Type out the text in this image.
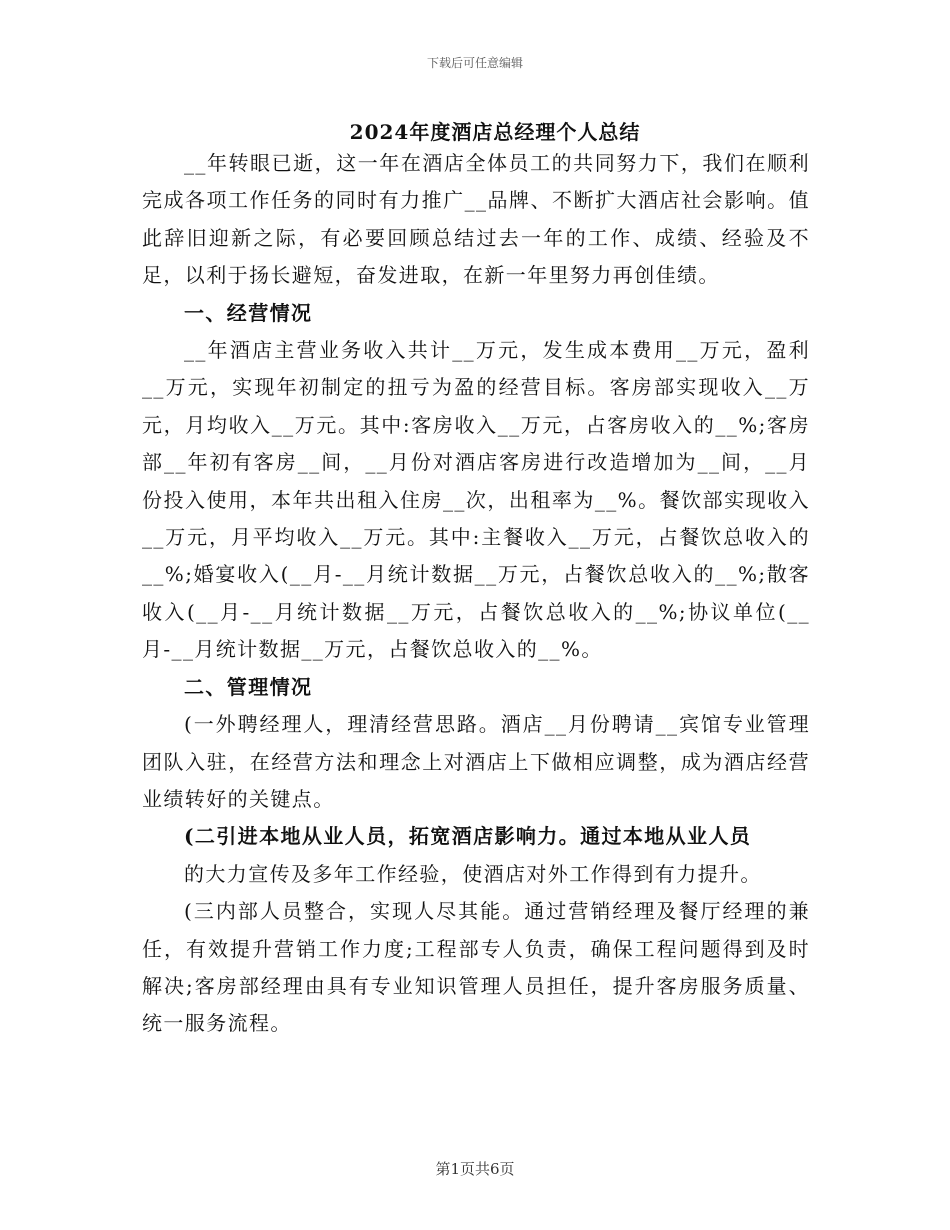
下载后可任意编辑
2024年度酒店总经理个人总结

__年转眼已逝，这一年在酒店全体员工的共同努力下，我们在顺利完成各项工作任务的同时有力推广__品牌、不断扩大酒店社会影响。值此辞旧迎新之际，有必要回顾总结过去一年的工作、成绩、经验及不足，以利于扬长避短，奋发进取，在新一年里努力再创佳绩。

一、经营情况

__年酒店主营业务收入共计__万元，发生成本费用__万元，盈利__万元，实现年初制定的扭亏为盈的经营目标。客房部实现收入__万元，月均收入__万元。其中:客房收入__万元，占客房收入的__%;客房部__年初有客房__间，__月份对酒店客房进行改造增加为__间，__月份投入使用，本年共出租入住房__次，出租率为__%。餐饮部实现收入__万元，月平均收入__万元。其中:主餐收入__万元，占餐饮总收入的__%;婚宴收入(__月-__月统计数据__万元，占餐饮总收入的__%;散客收入(__月-__月统计数据__万元，占餐饮总收入的__%;协议单位(__月-__月统计数据__万元，占餐饮总收入的__%。

二、管理情况

(一外聘经理人，理清经营思路。酒店__月份聘请__宾馆专业管理团队入驻，在经营方法和理念上对酒店上下做相应调整，成为酒店经营业绩转好的关键点。

(二引进本地从业人员，拓宽酒店影响力。通过本地从业人员

的大力宣传及多年工作经验，使酒店对外工作得到有力提升。

(三内部人员整合，实现人尽其能。通过营销经理及餐厅经理的兼任，有效提升营销工作力度;工程部专人负责，确保工程问题得到及时解决;客房部经理由具有专业知识管理人员担任，提升客房服务质量、统一服务流程。

第1页共6页
